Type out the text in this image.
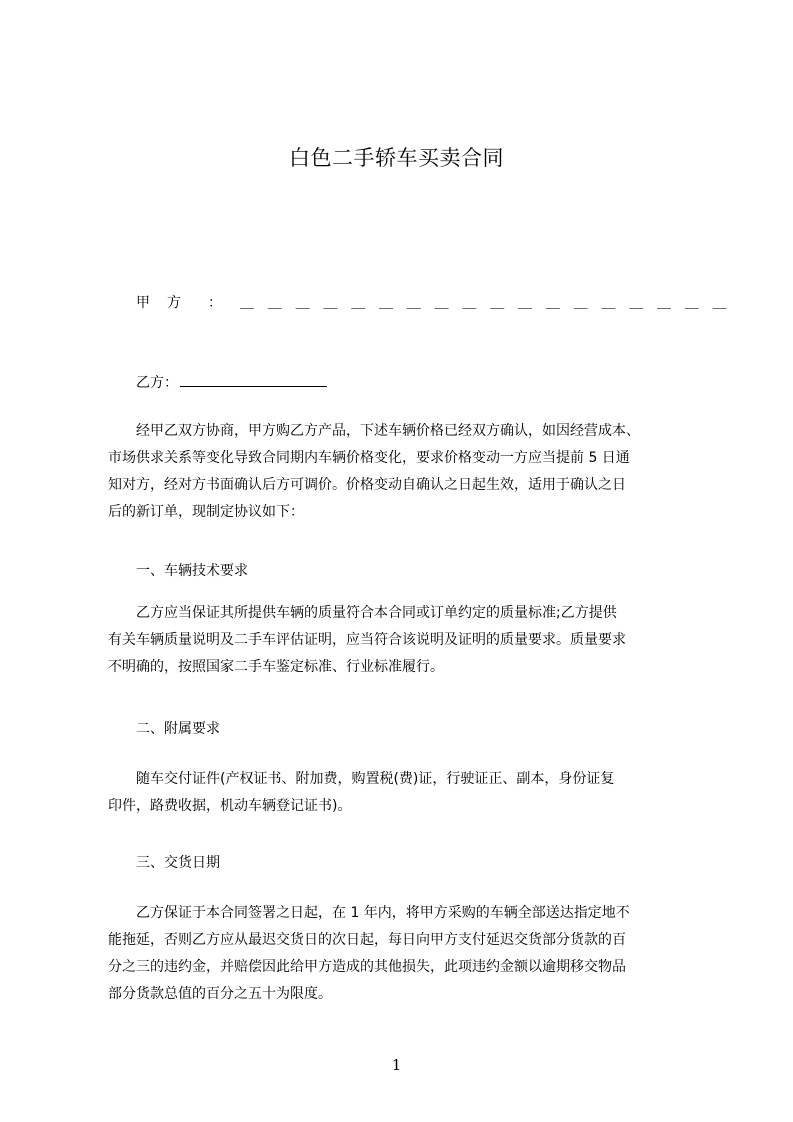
白色二手轿车买卖合同
甲方 ： ＿＿＿＿＿＿＿＿＿＿＿＿＿＿＿＿＿＿
乙方：
　　经甲乙双方协商，甲方购乙方产品，下述车辆价格已经双方确认，如因经营成本、
市场供求关系等变化导致合同期内车辆价格变化，要求价格变动一方应当提前 5 日通
知对方，经对方书面确认后方可调价。价格变动自确认之日起生效，适用于确认之日
后的新订单，现制定协议如下：
一、车辆技术要求
　　乙方应当保证其所提供车辆的质量符合本合同或订单约定的质量标准;乙方提供
有关车辆质量说明及二手车评估证明，应当符合该说明及证明的质量要求。质量要求
不明确的，按照国家二手车鉴定标准、行业标准履行。
二、附属要求
　　随车交付证件(产权证书、附加费，购置税(费)证，行驶证正、副本，身份证复
印件，路费收据，机动车辆登记证书)。
三、交货日期
　　乙方保证于本合同签署之日起，在 1 年内，将甲方采购的车辆全部送达指定地不
能拖延，否则乙方应从最迟交货日的次日起，每日向甲方支付延迟交货部分货款的百
分之三的违约金，并赔偿因此给甲方造成的其他损失，此项违约金额以逾期移交物品
部分货款总值的百分之五十为限度。
1
